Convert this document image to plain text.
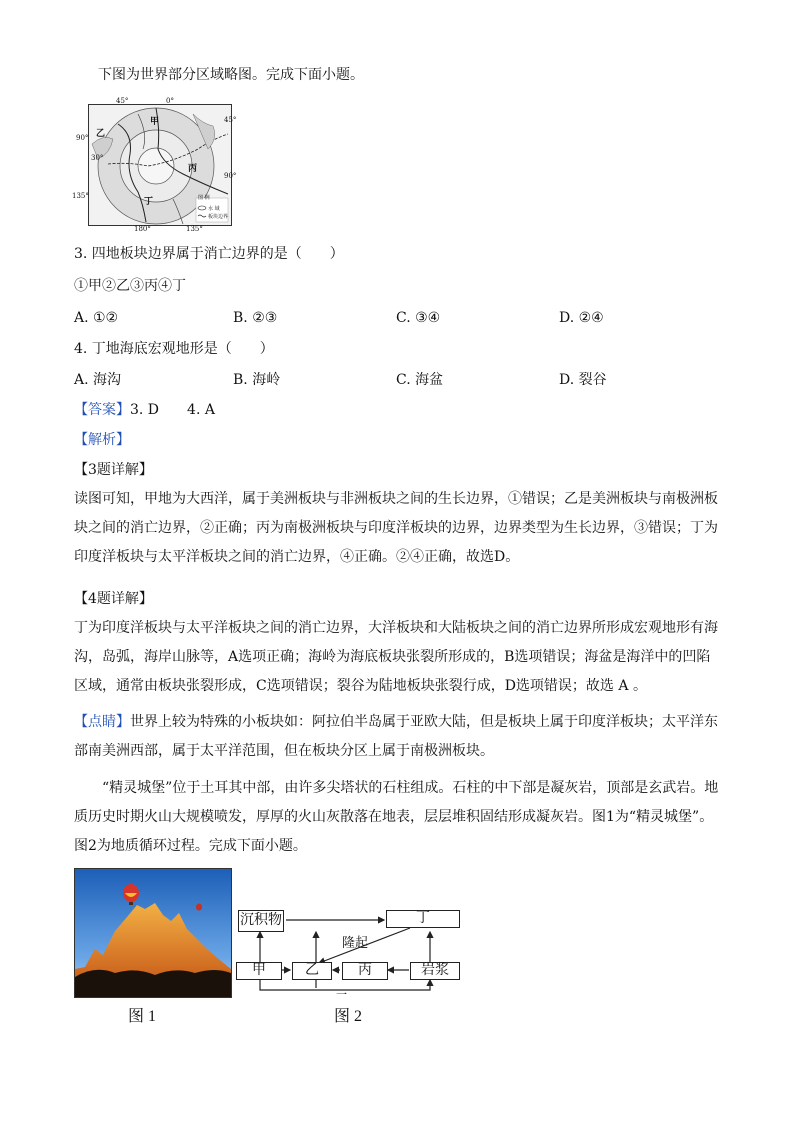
下图为世界部分区域略图。完成下面小题。
45°	0°
45°
90°
30°
90°
135°
180°	135°
甲
乙
丙
丁	图 例
水 域
板块边界
3. 四地板块边界属于消亡边界的是（　　）
①甲②乙③丙④丁
A. ①②	B. ②③	C. ③④	D. ②④
4. 丁地海底宏观地形是（　　）
A. 海沟	B. 海岭	C. 海盆	D. 裂谷
【答案】3. D　　4. A
【解析】
【3题详解】
读图可知，甲地为大西洋，属于美洲板块与非洲板块之间的生长边界，①错误；乙是美洲板块与南极洲板块之间的消亡边界，②正确；丙为南极洲板块与印度洋板块的边界，边界类型为生长边界，③错误；丁为印度洋板块与太平洋板块之间的消亡边界，④正确。②④正确，故选D。
【4题详解】
丁为印度洋板块与太平洋板块之间的消亡边界，大洋板块和大陆板块之间的消亡边界所形成宏观地形有海沟，岛弧，海岸山脉等，A选项正确；海岭为海底板块张裂所形成的，B选项错误；海盆是海洋中的凹陷区域，通常由板块张裂形成，C选项错误；裂谷为陆地板块张裂行成，D选项错误；故选 A 。
【点睛】世界上较为特殊的小板块如：阿拉伯半岛属于亚欧大陆，但是板块上属于印度洋板块；太平洋东部南美洲西部，属于太平洋范围，但在板块分区上属于南极洲板块。
“精灵城堡”位于土耳其中部，由许多尖塔状的石柱组成。石柱的中下部是凝灰岩，顶部是玄武岩。地质历史时期火山大规模喷发，厚厚的火山灰散落在地表，层层堆积固结形成凝灰岩。图1为“精灵城堡”。图2为地质循环过程。完成下面小题。
图 1
沉积物	丁
甲	乙	丙	岩浆
隆起
一
图 2
